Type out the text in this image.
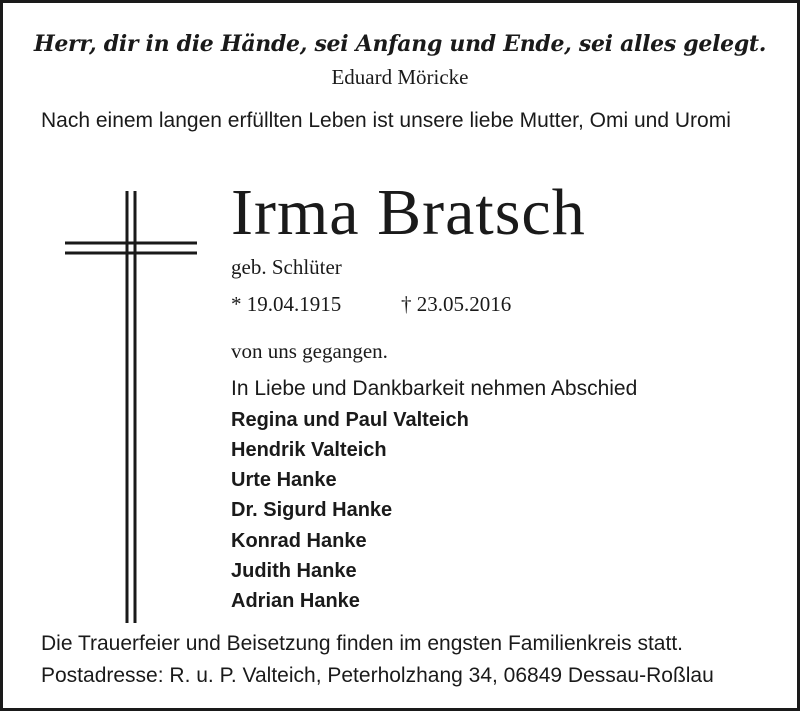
Herr, dir in die Hände, sei Anfang und Ende, sei alles gelegt.
Eduard Möricke
Nach einem langen erfüllten Leben ist unsere liebe Mutter, Omi und Uromi
Irma Bratsch
geb. Schlüter
* 19.04.1915	† 23.05.2016
von uns gegangen.
In Liebe und Dankbarkeit nehmen Abschied
Regina und Paul Valteich
Hendrik Valteich
Urte Hanke
Dr. Sigurd Hanke
Konrad Hanke
Judith Hanke
Adrian Hanke
Die Trauerfeier und Beisetzung finden im engsten Familienkreis statt.
Postadresse: R. u. P. Valteich, Peterholzhang 34, 06849 Dessau-Roßlau
